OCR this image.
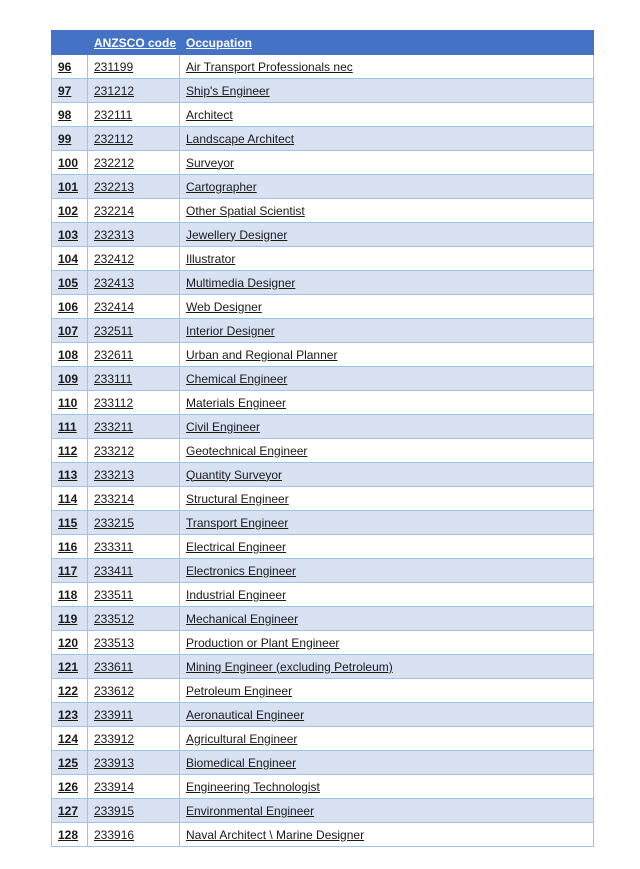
	ANZSCO code	Occupation
96	231199	Air Transport Professionals nec
97	231212	Ship's Engineer
98	232111	Architect
99	232112	Landscape Architect
100	232212	Surveyor
101	232213	Cartographer
102	232214	Other Spatial Scientist
103	232313	Jewellery Designer
104	232412	Illustrator
105	232413	Multimedia Designer
106	232414	Web Designer
107	232511	Interior Designer
108	232611	Urban and Regional Planner
109	233111	Chemical Engineer
110	233112	Materials Engineer
111	233211	Civil Engineer
112	233212	Geotechnical Engineer
113	233213	Quantity Surveyor
114	233214	Structural Engineer
115	233215	Transport Engineer
116	233311	Electrical Engineer
117	233411	Electronics Engineer
118	233511	Industrial Engineer
119	233512	Mechanical Engineer
120	233513	Production or Plant Engineer
121	233611	Mining Engineer (excluding Petroleum)
122	233612	Petroleum Engineer
123	233911	Aeronautical Engineer
124	233912	Agricultural Engineer
125	233913	Biomedical Engineer
126	233914	Engineering Technologist
127	233915	Environmental Engineer
128	233916	Naval Architect \ Marine Designer
